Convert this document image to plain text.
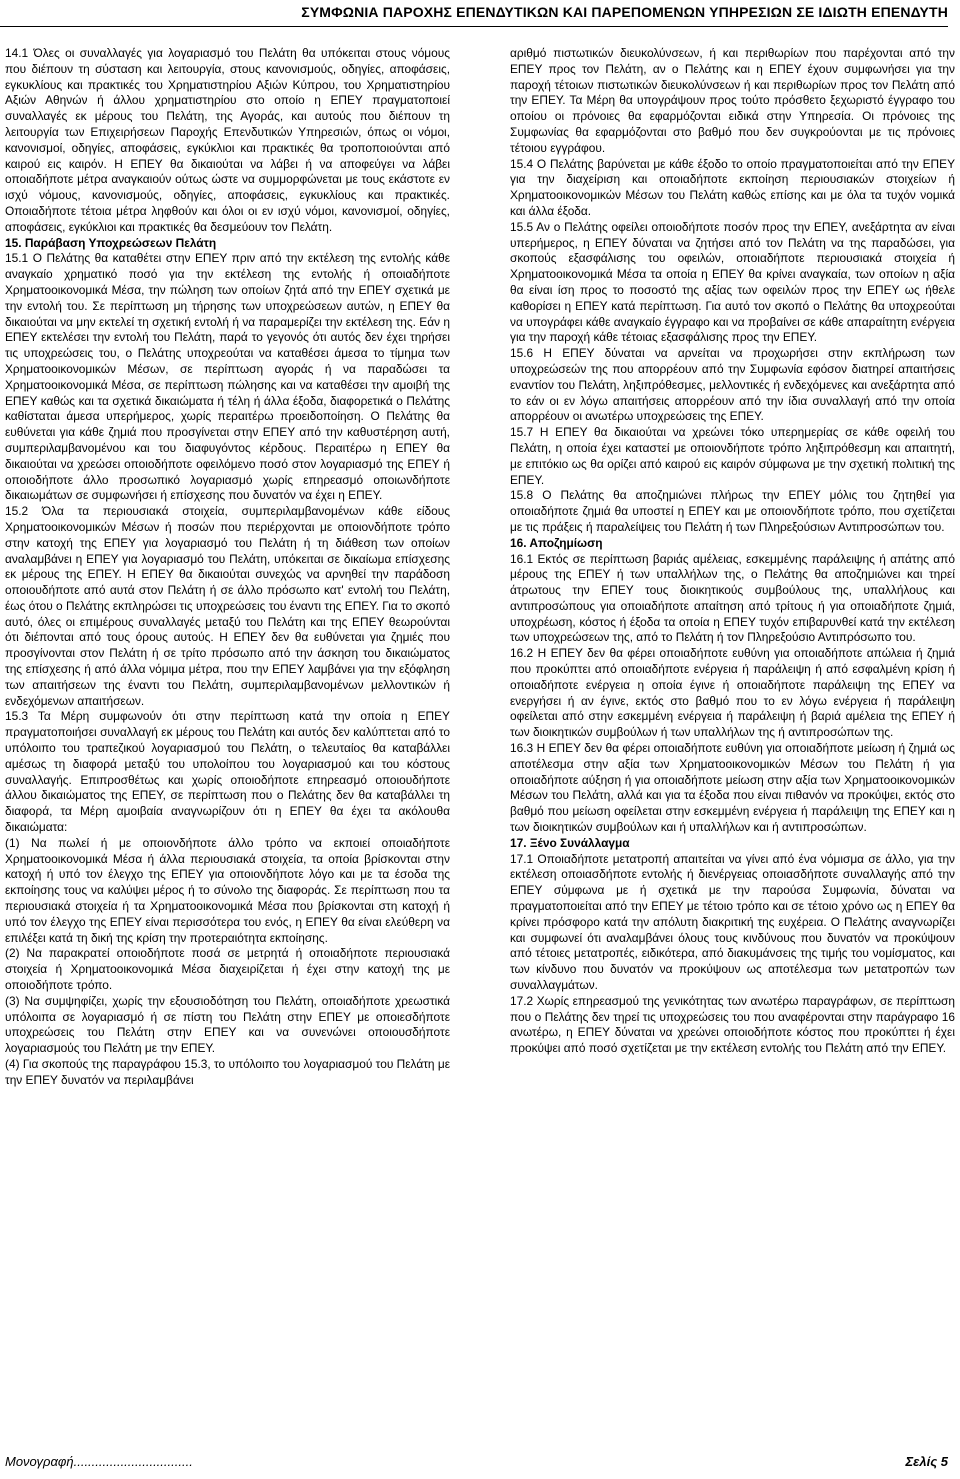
ΣΥΜΦΩΝΙΑ ΠΑΡΟΧΗΣ ΕΠΕΝΔΥΤΙΚΩΝ ΚΑΙ ΠΑΡΕΠΟΜΕΝΩΝ ΥΠΗΡΕΣΙΩΝ ΣΕ ΙΔΙΩΤΗ ΕΠΕΝΔΥΤΗ

14.1 Όλες οι συναλλαγές για λογαριασμό του Πελάτη θα υπόκειται στους νόμους που διέπουν τη σύσταση και λειτουργία, στους κανονισμούς, οδηγίες, αποφάσεις, εγκυκλίους και πρακτικές του Χρηματιστηρίου Αξιών Κύπρου, του Χρηματιστηρίου Αξιών Αθηνών ή άλλου χρηματιστηρίου στο οποίο η ΕΠΕΥ πραγματοποιεί συναλλαγές εκ μέρους του Πελάτη, της Αγοράς, και αυτούς που διέπουν τη λειτουργία των Επιχειρήσεων Παροχής Επενδυτικών Υπηρεσιών, όπως οι νόμοι, κανονισμοί, οδηγίες, αποφάσεις, εγκύκλιοι και πρακτικές θα τροποποιούνται από καιρού εις καιρόν. Η ΕΠΕΥ θα δικαιούται να λάβει ή να αποφεύγει να λάβει οποιαδήποτε μέτρα αναγκαιούν ούτως ώστε να συμμορφώνεται με τους εκάστοτε εν ισχύ νόμους, κανονισμούς, οδηγίες, αποφάσεις, εγκυκλίους και πρακτικές. Οποιαδήποτε τέτοια μέτρα ληφθούν και όλοι οι εν ισχύ νόμοι, κανονισμοί, οδηγίες, αποφάσεις, εγκύκλιοι και πρακτικές θα δεσμεύουν τον Πελάτη.

15. Παράβαση Υποχρεώσεων Πελάτη

15.1 Ο Πελάτης θα καταθέτει στην ΕΠΕΥ πριν από την εκτέλεση της εντολής κάθε αναγκαίο χρηματικό ποσό για την εκτέλεση της εντολής ή οποιαδήποτε Χρηματοοικονομικά Μέσα, την πώληση των οποίων ζητά από την ΕΠΕΥ σχετικά με την εντολή του. Σε περίπτωση μη τήρησης των υποχρεώσεων αυτών, η ΕΠΕΥ θα δικαιούται να μην εκτελεί τη σχετική εντολή ή να παραμερίζει την εκτέλεση της. Εάν η ΕΠΕΥ εκτελέσει την εντολή του Πελάτη, παρά το γεγονός ότι αυτός δεν έχει τηρήσει τις υποχρεώσεις του, ο Πελάτης υποχρεούται να καταθέσει άμεσα το τίμημα των Χρηματοοικονομικών Μέσων, σε περίπτωση αγοράς ή να παραδώσει τα Χρηματοοικονομικά Μέσα, σε περίπτωση πώλησης και να καταθέσει την αμοιβή της ΕΠΕΥ καθώς και τα σχετικά δικαιώματα ή τέλη ή άλλα έξοδα, διαφορετικά ο Πελάτης καθίσταται άμεσα υπερήμερος, χωρίς περαιτέρω προειδοποίηση. Ο Πελάτης θα ευθύνεται για κάθε ζημιά που προσγίνεται στην ΕΠΕΥ από την καθυστέρηση αυτή, συμπεριλαμβανομένου και του διαφυγόντος κέρδους. Περαιτέρω η ΕΠΕΥ θα δικαιούται να χρεώσει οποιοδήποτε οφειλόμενο ποσό στον λογαριασμό της ΕΠΕΥ ή οποιοδήποτε άλλο προσωπικό λογαριασμό χωρίς επηρεασμό οποιωνδήποτε δικαιωμάτων σε συμφωνήσει ή επίσχεσης που δυνατόν να έχει η ΕΠΕΥ.

15.2 Όλα τα περιουσιακά στοιχεία, συμπεριλαμβανομένων κάθε είδους Χρηματοοικονομικών Μέσων ή ποσών που περιέρχονται με οποιονδήποτε τρόπο στην κατοχή της ΕΠΕΥ για λογαριασμό του Πελάτη ή τη διάθεση των οποίων αναλαμβάνει η ΕΠΕΥ για λογαριασμό του Πελάτη, υπόκειται σε δικαίωμα επίσχεσης εκ μέρους της ΕΠΕΥ. Η ΕΠΕΥ θα δικαιούται συνεχώς να αρνηθεί την παράδοση οποιουδήποτε από αυτά στον Πελάτη ή σε άλλο πρόσωπο κατ' εντολή του Πελάτη, έως ότου ο Πελάτης εκπληρώσει τις υποχρεώσεις του έναντι της ΕΠΕΥ. Για το σκοπό αυτό, όλες οι επιμέρους συναλλαγές μεταξύ του Πελάτη και της ΕΠΕΥ θεωρούνται ότι διέπονται από τους όρους αυτούς. Η ΕΠΕΥ δεν θα ευθύνεται για ζημιές που προσγίνονται στον Πελάτη ή σε τρίτο πρόσωπο από την άσκηση του δικαιώματος της επίσχεσης ή από άλλα νόμιμα μέτρα, που την ΕΠΕΥ λαμβάνει για την εξόφληση των απαιτήσεων της έναντι του Πελάτη, συμπεριλαμβανομένων μελλοντικών ή ενδεχόμενων απαιτήσεων.

15.3 Τα Μέρη συμφωνούν ότι στην περίπτωση κατά την οποία η ΕΠΕΥ πραγματοποιήσει συναλλαγή εκ μέρους του Πελάτη και αυτός δεν καλύπτεται από το υπόλοιπο του τραπεζικού λογαριασμού του Πελάτη, ο τελευταίος θα καταβάλλει αμέσως τη διαφορά μεταξύ του υπολοίπου του λογαριασμού και του κόστους συναλλαγής. Επιπροσθέτως και χωρίς οποιοδήποτε επηρεασμό οποιουδήποτε άλλου δικαιώματος της ΕΠΕΥ, σε περίπτωση που ο Πελάτης δεν θα καταβάλλει τη διαφορά, τα Μέρη αμοιβαία αναγνωρίζουν ότι η ΕΠΕΥ θα έχει τα ακόλουθα δικαιώματα:

(1) Να πωλεί ή με οποιονδήποτε άλλο τρόπο να εκποιεί οποιαδήποτε Χρηματοοικονομικά Μέσα ή άλλα περιουσιακά στοιχεία, τα οποία βρίσκονται στην κατοχή ή υπό τον έλεγχο της ΕΠΕΥ για οποιονδήποτε λόγο και με τα έσοδα της εκποίησης τους να καλύψει μέρος ή το σύνολο της διαφοράς. Σε περίπτωση που τα περιουσιακά στοιχεία ή τα Χρηματοοικονομικά Μέσα που βρίσκονται στη κατοχή ή υπό τον έλεγχο της ΕΠΕΥ είναι περισσότερα του ενός, η ΕΠΕΥ θα είναι ελεύθερη να επιλέξει κατά τη δική της κρίση την προτεραιότητα εκποίησης.

(2) Να παρακρατεί οποιοδήποτε ποσά σε μετρητά ή οποιαδήποτε περιουσιακά στοιχεία ή Χρηματοοικονομικά Μέσα διαχειρίζεται ή έχει στην κατοχή της με οποιοδήποτε τρόπο.

(3) Να συμψηφίζει, χωρίς την εξουσιοδότηση του Πελάτη, οποιαδήποτε χρεωστικά υπόλοιπα σε λογαριασμό ή σε πίστη του Πελάτη στην ΕΠΕΥ με οποιεσδήποτε υποχρεώσεις του Πελάτη στην ΕΠΕΥ και να συνενώνει οποιουσδήποτε λογαριασμούς του Πελάτη με την ΕΠΕΥ.

(4) Για σκοπούς της παραγράφου 15.3, το υπόλοιπο του λογαριασμού του Πελάτη με την ΕΠΕΥ δυνατόν να περιλαμβάνει

αριθμό πιστωτικών διευκολύνσεων, ή και περιθωρίων που παρέχονται από την ΕΠΕΥ προς τον Πελάτη, αν ο Πελάτης και η ΕΠΕΥ έχουν συμφωνήσει για την παροχή τέτοιων πιστωτικών διευκολύνσεων ή και περιθωρίων προς τον Πελάτη από την ΕΠΕΥ. Τα Μέρη θα υπογράψουν προς τούτο πρόσθετο ξεχωριστό έγγραφο του οποίου οι πρόνοιες θα εφαρμόζονται ειδικά στην Υπηρεσία. Οι πρόνοιες της Συμφωνίας θα εφαρμόζονται στο βαθμό που δεν συγκρούονται με τις πρόνοιες τέτοιου εγγράφου.

15.4 Ο Πελάτης βαρύνεται με κάθε έξοδο το οποίο πραγματοποιείται από την ΕΠΕΥ για την διαχείριση και οποιαδήποτε εκποίηση περιουσιακών στοιχείων ή Χρηματοοικονομικών Μέσων του Πελάτη καθώς επίσης και με όλα τα τυχόν νομικά και άλλα έξοδα.

15.5 Αν ο Πελάτης οφείλει οποιοδήποτε ποσόν προς την ΕΠΕΥ, ανεξάρτητα αν είναι υπερήμερος, η ΕΠΕΥ δύναται να ζητήσει από τον Πελάτη να της παραδώσει, για σκοπούς εξασφάλισης του οφειλών, οποιαδήποτε περιουσιακά στοιχεία ή Χρηματοοικονομικά Μέσα τα οποία η ΕΠΕΥ θα κρίνει αναγκαία, των οποίων η αξία θα είναι ίση προς το ποσοστό της αξίας των οφειλών προς την ΕΠΕΥ ως ήθελε καθορίσει η ΕΠΕΥ κατά περίπτωση. Για αυτό τον σκοπό ο Πελάτης θα υποχρεούται να υπογράφει κάθε αναγκαίο έγγραφο και να προβαίνει σε κάθε απαραίτητη ενέργεια για την παροχή κάθε τέτοιας εξασφάλισης προς την ΕΠΕΥ.

15.6 Η ΕΠΕΥ δύναται να αρνείται να προχωρήσει στην εκπλήρωση των υποχρεώσεών της που απορρέουν από την Συμφωνία εφόσον διατηρεί απαιτήσεις εναντίον του Πελάτη, ληξιπρόθεσμες, μελλοντικές ή ενδεχόμενες και ανεξάρτητα από το εάν οι εν λόγω απαιτήσεις απορρέουν από την ίδια συναλλαγή από την οποία απορρέουν οι ανωτέρω υποχρεώσεις της ΕΠΕΥ.

15.7 Η ΕΠΕΥ θα δικαιούται να χρεώνει τόκο υπερημερίας σε κάθε οφειλή του Πελάτη, η οποία έχει καταστεί με οποιονδήποτε τρόπο ληξιπρόθεσμη και απαιτητή, με επιτόκιο ως θα ορίζει από καιρού εις καιρόν σύμφωνα με την σχετική πολιτική της ΕΠΕΥ.

15.8 Ο Πελάτης θα αποζημιώνει πλήρως την ΕΠΕΥ μόλις του ζητηθεί για οποιαδήποτε ζημιά θα υποστεί η ΕΠΕΥ και με οποιονδήποτε τρόπο, που σχετίζεται με τις πράξεις ή παραλείψεις του Πελάτη ή των Πληρεξούσιων Αντιπροσώπων του.

16. Αποζημίωση

16.1 Εκτός σε περίπτωση βαριάς αμέλειας, εσκεμμένης παράλειψης ή απάτης από μέρους της ΕΠΕΥ ή των υπαλλήλων της, ο Πελάτης θα αποζημιώνει και τηρεί άτρωτους την ΕΠΕΥ τους διοικητικούς συμβούλους της, υπαλλήλους και αντιπροσώπους για οποιαδήποτε απαίτηση από τρίτους ή για οποιαδήποτε ζημιά, υποχρέωση, κόστος ή έξοδα τα οποία η ΕΠΕΥ τυχόν επιβαρυνθεί κατά την εκτέλεση των υποχρεώσεων της, από το Πελάτη ή τον Πληρεξούσιο Αντιπρόσωπο του.

16.2 Η ΕΠΕΥ δεν θα φέρει οποιαδήποτε ευθύνη για οποιαδήποτε απώλεια ή ζημιά που προκύπτει από οποιαδήποτε ενέργεια ή παράλειψη ή από εσφαλμένη κρίση ή οποιαδήποτε ενέργεια η οποία έγινε ή οποιαδήποτε παράλειψη της ΕΠΕΥ να ενεργήσει ή αν έγινε, εκτός στο βαθμό που το εν λόγω ενέργεια ή παράλειψη οφείλεται από στην εσκεμμένη ενέργεια ή παράλειψη ή βαριά αμέλεια της ΕΠΕΥ ή των διοικητικών συμβούλων ή των υπαλλήλων της ή αντιπροσώπων της.

16.3 Η ΕΠΕΥ δεν θα φέρει οποιαδήποτε ευθύνη για οποιαδήποτε μείωση ή ζημιά ως αποτέλεσμα στην αξία των Χρηματοοικονομικών Μέσων του Πελάτη ή για οποιαδήποτε αύξηση ή για οποιαδήποτε μείωση στην αξία των Χρηματοοικονομικών Μέσων του Πελάτη, αλλά και για τα έξοδα που είναι πιθανόν να προκύψει, εκτός στο βαθμό που μείωση οφείλεται στην εσκεμμένη ενέργεια ή παράλειψη της ΕΠΕΥ και η των διοικητικών συμβούλων και ή υπαλλήλων και ή αντιπροσώπων.

17. Ξένο Συνάλλαγμα

17.1 Οποιαδήποτε μετατροπή απαιτείται να γίνει από ένα νόμισμα σε άλλο, για την εκτέλεση οποιασδήποτε εντολής ή διενέργειας οποιασδήποτε συναλλαγής από την ΕΠΕΥ σύμφωνα με ή σχετικά με την παρούσα Συμφωνία, δύναται να πραγματοποιείται από την ΕΠΕΥ με τέτοιο τρόπο και σε τέτοιο χρόνο ως η ΕΠΕΥ θα κρίνει πρόσφορο κατά την απόλυτη διακριτική της ευχέρεια. Ο Πελάτης αναγνωρίζει και συμφωνεί ότι αναλαμβάνει όλους τους κινδύνους που δυνατόν να προκύψουν από τέτοιες μετατροπές, ειδικότερα, από διακυμάνσεις της τιμής του νομίσματος, και των κίνδυνο που δυνατόν να προκύψουν ως αποτέλεσμα των μετατροπών των συναλλαγμάτων.

17.2 Χωρίς επηρεασμού της γενικότητας των ανωτέρω παραγράφων, σε περίπτωση που ο Πελάτης δεν τηρεί τις υποχρεώσεις του που αναφέρονται στην παράγραφο 16 ανωτέρω, η ΕΠΕΥ δύναται να χρεώνει οποιοδήποτε κόστος που προκύπτει ή έχει προκύψει από ποσό σχετίζεται με την εκτέλεση εντολής του Πελάτη από την ΕΠΕΥ.

Μονογραφή.................................	Σελίς 5
